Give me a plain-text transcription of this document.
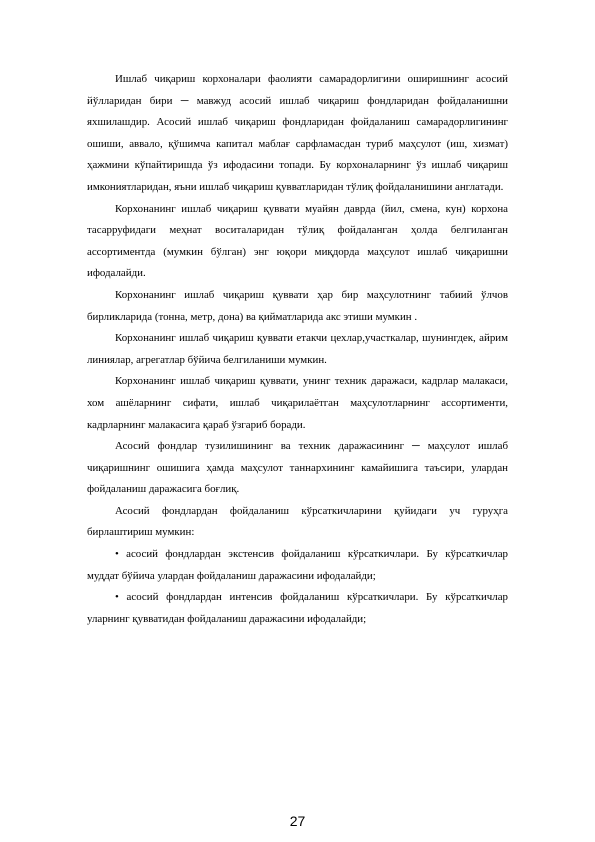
Ишлаб чиқариш корхоналари фаолияти самарадорлигини оширишнинг асосий йўлларидан бири ─ мавжуд асосий ишлаб чиқариш фондларидан фойдаланишни яхшилашдир. Асосий ишлаб чиқариш фондларидан фойдаланиш самарадорлигининг ошиши, аввало, қўшимча капитал маблағ сарфламасдан туриб маҳсулот (иш, хизмат) ҳажмини кўпайтиришда ўз ифодасини топади. Бу корхоналарнинг ўз ишлаб чиқариш имкониятларидан, яъни ишлаб чиқариш қувватларидан тўлиқ фойдаланишини англатади.

Корхонанинг ишлаб чиқариш қуввати муайян даврда (йил, смена, кун) корхона тасарруфидаги меҳнат воситаларидан тўлиқ фойдаланган ҳолда белгиланган ассортиментда (мумкин бўлган) энг юқори миқдорда маҳсулот ишлаб чиқаришни ифодалайди.

Корхонанинг ишлаб чиқариш қуввати ҳар бир маҳсулотнинг табиий ўлчов бирликларида (тонна, метр, дона) ва қийматларида акс этиши мумкин .

Корхонанинг ишлаб чиқариш қуввати етакчи цехлар,участкалар, шунингдек, айрим линиялар, агрегатлар бўйича белгиланиши мумкин.

Корхонанинг ишлаб чиқариш қуввати, унинг техник даражаси, кадрлар малакаси, хом ашёларнинг сифати, ишлаб чиқарилаётган маҳсулотларнинг ассортименти, кадрларнинг малакасига қараб ўзгариб боради.

Асосий фондлар тузилишининг ва техник даражасининг ─ маҳсулот ишлаб чиқаришнинг ошишига ҳамда маҳсулот таннархининг камайишига таъсири, улардан фойдаланиш даражасига боғлиқ.

Асосий фондлардан фойдаланиш кўрсаткичларини қуйидаги уч гуруҳга бирлаштириш мумкин:

• асосий фондлардан экстенсив фойдаланиш кўрсаткичлари. Бу кўрсаткичлар муддат бўйича улардан фойдаланиш даражасини ифодалайди;

• асосий фондлардан интенсив фойдаланиш кўрсаткичлари. Бу кўрсаткичлар уларнинг қувватидан фойдаланиш даражасини ифодалайди;

27
